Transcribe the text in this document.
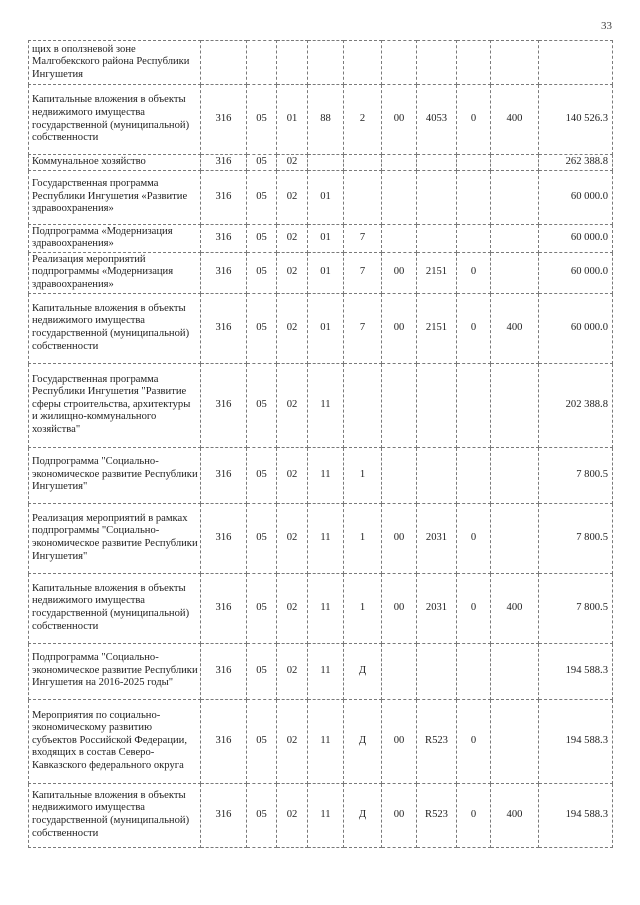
33
щих в оползневой зоне Малгобекского района Республики Ингушетия										
Капитальные вложения в объекты недвижимого имущества государственной (муниципальной) собственности	316	05	01	88	2	00	4053	0	400	140 526.3
Коммунальное хозяйство	316	05	02							262 388.8
Государственная программа Республики Ингушетия «Развитие здравоохранения»	316	05	02	01						60 000.0
Подпрограмма «Модернизация здравоохранения»	316	05	02	01	7					60 000.0
Реализация мероприятий подпрограммы «Модернизация здравоохранения»	316	05	02	01	7	00	2151	0		60 000.0
Капитальные вложения в объекты недвижимого имущества государственной (муниципальной) собственности	316	05	02	01	7	00	2151	0	400	60 000.0
Государственная программа Республики Ингушетия "Развитие сферы строительства, архитектуры и жилищно-коммунального хозяйства"	316	05	02	11						202 388.8
Подпрограмма "Социально-экономическое развитие Республики Ингушетия"	316	05	02	11	1					7 800.5
Реализация мероприятий в рамках подпрограммы "Социально-экономическое развитие Республики Ингушетия"	316	05	02	11	1	00	2031	0		7 800.5
Капитальные вложения в объекты недвижимого имущества государственной (муниципальной) собственности	316	05	02	11	1	00	2031	0	400	7 800.5
Подпрограмма "Социально-экономическое развитие Республики Ингушетия на 2016-2025 годы"	316	05	02	11	Д					194 588.3
Мероприятия по социально-экономическому развитию субъектов Российской Федерации, входящих в состав Северо-Кавказского федерального округа	316	05	02	11	Д	00	R523	0		194 588.3
Капитальные вложения в объекты недвижимого имущества государственной (муниципальной) собственности	316	05	02	11	Д	00	R523	0	400	194 588.3
